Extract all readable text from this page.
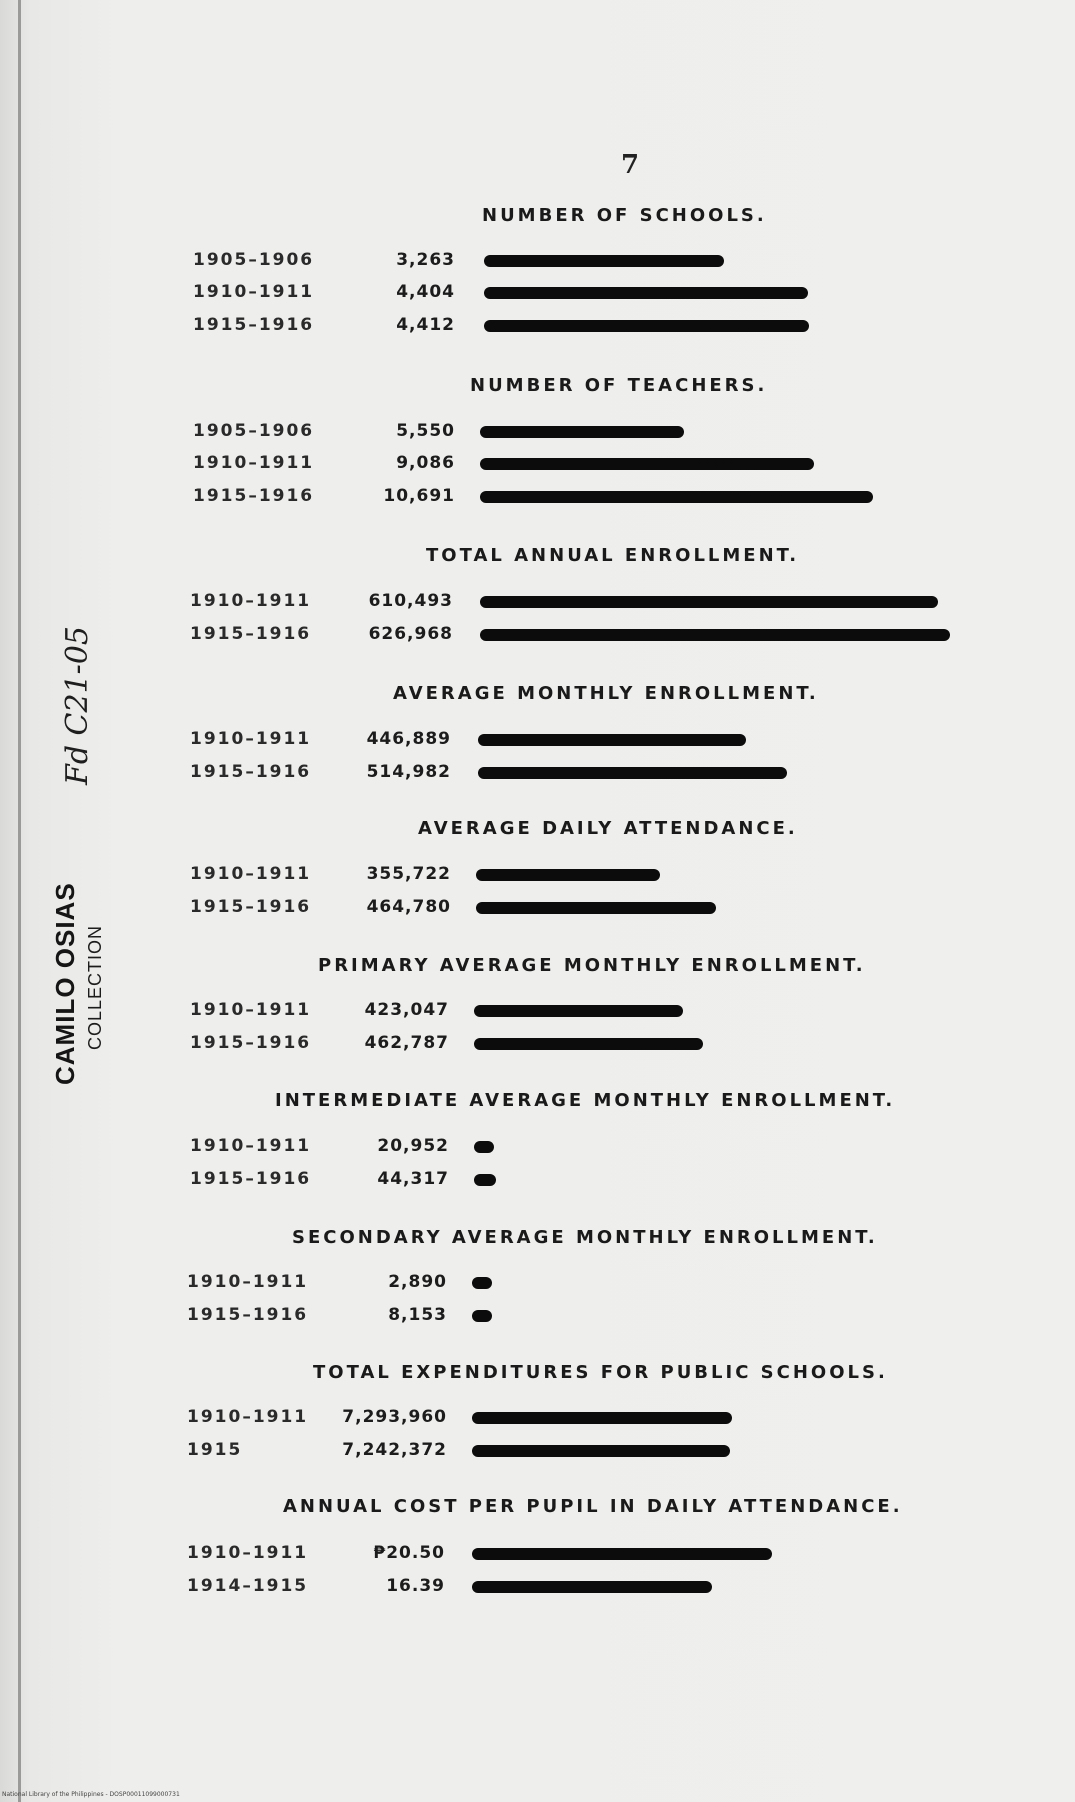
7
NUMBER OF SCHOOLS.
1905–1906	3,263
1910–1911	4,404
1915–1916	4,412
NUMBER OF TEACHERS.
1905–1906	5,550
1910–1911	9,086
1915–1916	10,691
TOTAL ANNUAL ENROLLMENT.
1910–1911	610,493
1915–1916	626,968
AVERAGE MONTHLY ENROLLMENT.
1910–1911	446,889
1915–1916	514,982
AVERAGE DAILY ATTENDANCE.
1910–1911	355,722
1915–1916	464,780
PRIMARY AVERAGE MONTHLY ENROLLMENT.
1910–1911	423,047
1915–1916	462,787
INTERMEDIATE AVERAGE MONTHLY ENROLLMENT.
1910–1911	20,952
1915–1916	44,317
SECONDARY AVERAGE MONTHLY ENROLLMENT.
1910–1911	2,890
1915–1916	8,153
TOTAL EXPENDITURES FOR PUBLIC SCHOOLS.
1910–1911 7,293,960
1915	7,242,372
ANNUAL COST PER PUPIL IN DAILY ATTENDANCE.
1910–1911	₱20.50
1914–1915	16.39
Fd C21-05
CAMILO OSIAS COLLECTION
National Library of the Philippines - DOSP00011099000731
